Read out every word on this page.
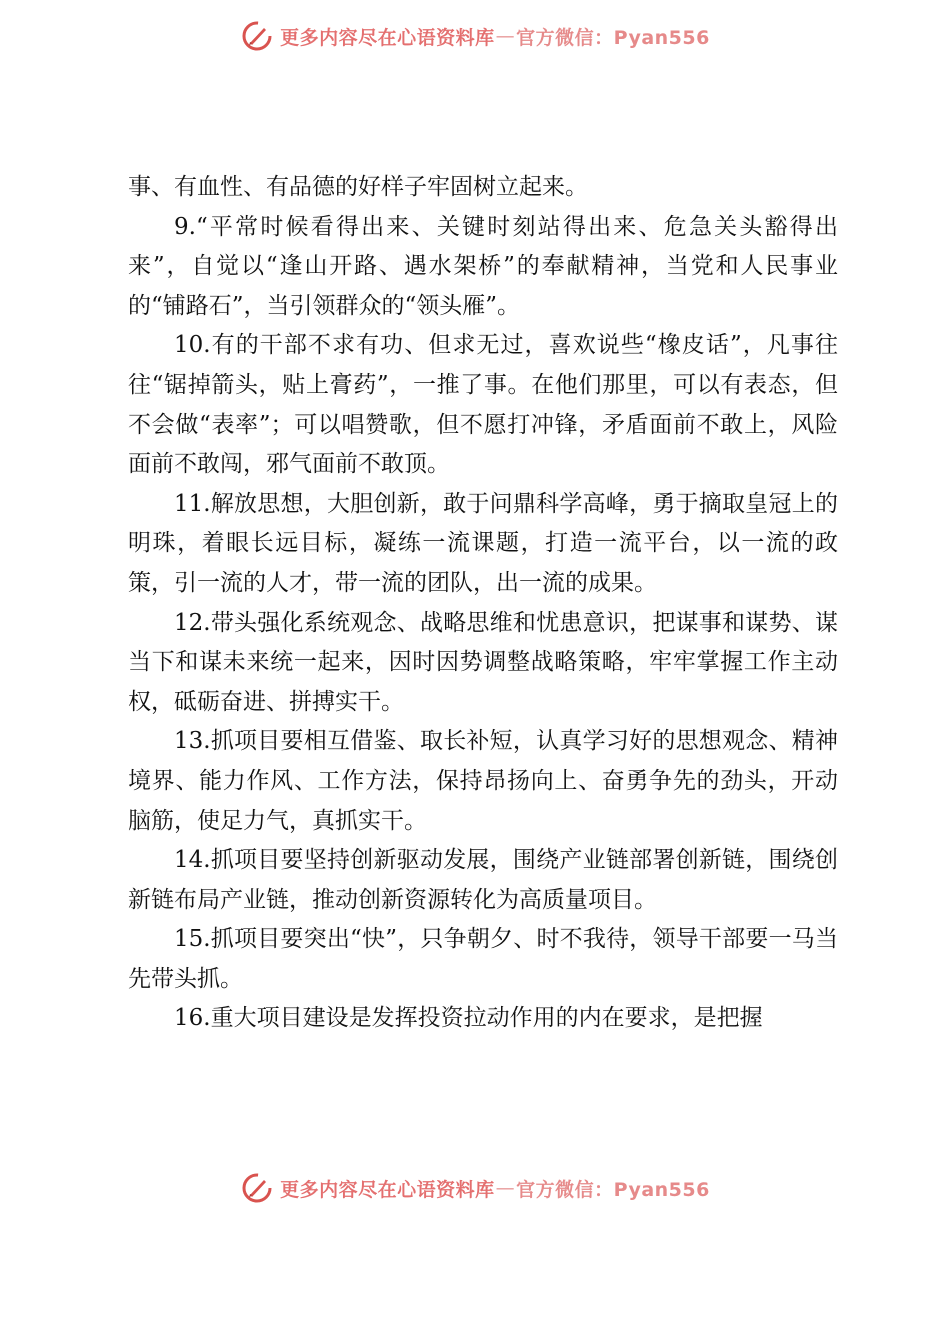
更多内容尽在心语资料库 — 官方微信：Pyan556

事、有血性、有品德的好样子牢固树立起来。

9.“平常时候看得出来、关键时刻站得出来、危急关头豁得出来”，自觉以“逢山开路、遇水架桥”的奉献精神，当党和人民事业的“铺路石”，当引领群众的“领头雁”。

10.有的干部不求有功、但求无过，喜欢说些“橡皮话”，凡事往往“锯掉箭头，贴上膏药”，一推了事。在他们那里，可以有表态，但不会做“表率”；可以唱赞歌，但不愿打冲锋，矛盾面前不敢上，风险面前不敢闯，邪气面前不敢顶。

11.解放思想，大胆创新，敢于问鼎科学高峰，勇于摘取皇冠上的明珠，着眼长远目标，凝练一流课题，打造一流平台，以一流的政策，引一流的人才，带一流的团队，出一流的成果。

12.带头强化系统观念、战略思维和忧患意识，把谋事和谋势、谋当下和谋未来统一起来，因时因势调整战略策略，牢牢掌握工作主动权，砥砺奋进、拼搏实干。

13.抓项目要相互借鉴、取长补短，认真学习好的思想观念、精神境界、能力作风、工作方法，保持昂扬向上、奋勇争先的劲头，开动脑筋，使足力气，真抓实干。

14.抓项目要坚持创新驱动发展，围绕产业链部署创新链，围绕创新链布局产业链，推动创新资源转化为高质量项目。

15.抓项目要突出“快”，只争朝夕、时不我待，领导干部要一马当先带头抓。

16.重大项目建设是发挥投资拉动作用的内在要求，是把握

更多内容尽在心语资料库 — 官方微信：Pyan556
